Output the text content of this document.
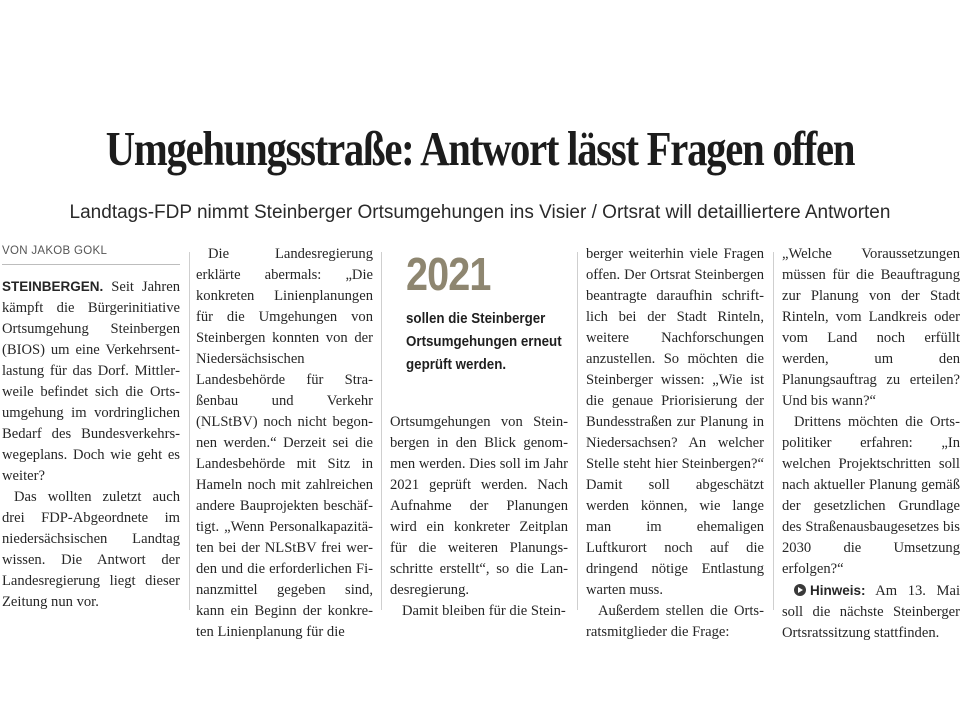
Umgehungsstraße: Antwort lässt Fragen offen
Landtags-FDP nimmt Steinberger Ortsumgehungen ins Visier / Ortsrat will detailliertere Antworten
VON JAKOB GOKL

STEINBERGEN. Seit Jahren kämpft die Bürgerinitiative Ortsumgehung Steinbergen (BIOS) um eine Verkehrsentlastung für das Dorf. Mittlerweile befindet sich die Ortsumgehung im vordringlichen Bedarf des Bundesverkehrswegeplans. Doch wie geht es weiter?

Das wollten zuletzt auch drei FDP-Abgeordnete im niedersächsischen Landtag wissen. Die Antwort der Landesregierung liegt dieser Zeitung nun vor.

Die Landesregierung erklärte abermals: „Die konkreten Linienplanungen für die Umgehungen von Steinbergen konnten von der Niedersächsischen Landesbehörde für Straßenbau und Verkehr (NLStBV) noch nicht begonnen werden.“ Derzeit sei die Landesbehörde mit Sitz in Hameln noch mit zahlreichen andere Bauprojekten beschäftigt. „Wenn Personalkapazitäten bei der NLStBV frei werden und die erforderlichen Finanzmittel gegeben sind, kann ein Beginn der konkreten Linienplanung für die

2021
sollen die Steinberger Ortsumgehungen erneut geprüft werden.

Ortsumgehungen von Steinbergen in den Blick genommen werden. Dies soll im Jahr 2021 geprüft werden. Nach Aufnahme der Planungen wird ein konkreter Zeitplan für die weiteren Planungsschritte erstellt“, so die Landesregierung.

Damit bleiben für die Stein-

berger weiterhin viele Fragen offen. Der Ortsrat Steinbergen beantragte daraufhin schriftlich bei der Stadt Rinteln, weitere Nachforschungen anzustellen. So möchten die Steinberger wissen: „Wie ist die genaue Priorisierung der Bundesstraßen zur Planung in Niedersachsen? An welcher Stelle steht hier Steinbergen?“ Damit soll abgeschätzt werden können, wie lange man im ehemaligen Luftkurort noch auf die dringend nötige Entlastung warten muss.

Außerdem stellen die Ortsratsmitglieder die Frage:

„Welche Voraussetzungen müssen für die Beauftragung zur Planung von der Stadt Rinteln, vom Landkreis oder vom Land noch erfüllt werden, um den Planungsauftrag zu erteilen? Und bis wann?“

Drittens möchten die Ortspolitiker erfahren: „In welchen Projektschritten soll nach aktueller Planung gemäß der gesetzlichen Grundlage des Straßenausbaugesetzes bis 2030 die Umsetzung erfolgen?“

Hinweis: Am 13. Mai soll die nächste Steinberger Ortsratssitzung stattfinden.
